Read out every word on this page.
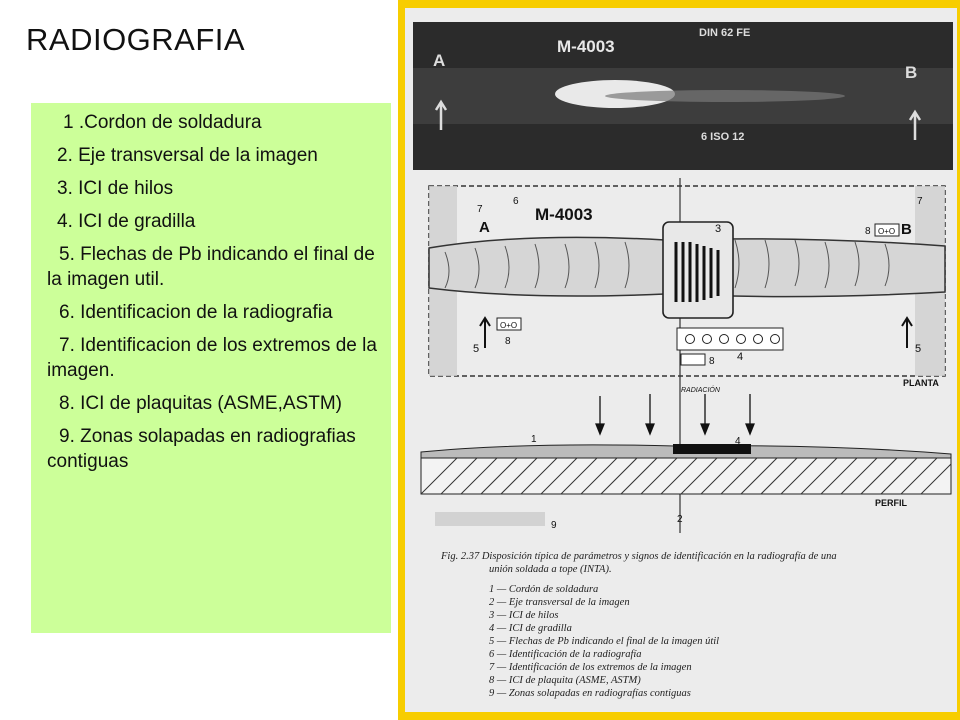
RADIOGRAFIA
1 .Cordon de soldadura
2. Eje transversal de la imagen
3. ICI de hilos
4. ICI de gradilla
5. Flechas de Pb indicando el final de la imagen util.
6. Identificacion de la radiografia
7. Identificacion de los extremos de la imagen.
8. ICI de plaquitas (ASME,ASTM)
9. Zonas solapadas en radiografias contiguas
A
B
M-4003
DIN 62 FE
6 ISO 12
M-4003
A	B
O+O
O+O
5	5
3
4
6
7
7
8
8
8
PLANTA
RADIACIÓN
1	4
PERFIL
2
9
Fig. 2.37 Disposición típica de parámetros y signos de identificación en la radiografía de una
unión soldada a tope (INTA).
1 — Cordón de soldadura
2 — Eje transversal de la imagen
3 — ICI de hilos
4 — ICI de gradilla
5 — Flechas de Pb indicando el final de la imagen útil
6 — Identificación de la radiografía
7 — Identificación de los extremos de la imagen
8 — ICI de plaquita (ASME, ASTM)
9 — Zonas solapadas en radiografías contiguas
